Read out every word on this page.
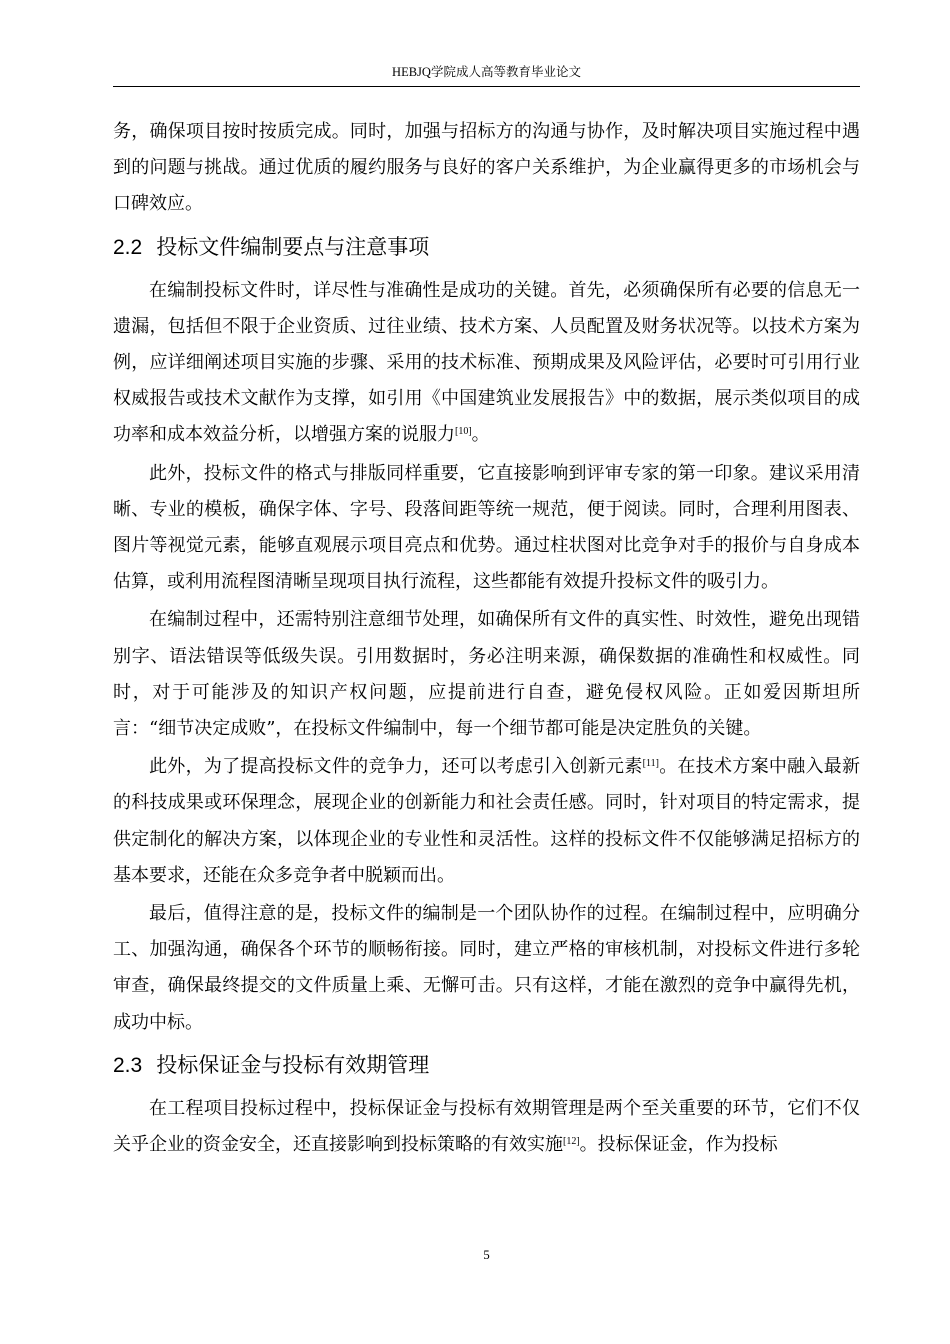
HEBJQ学院成人高等教育毕业论文

务，确保项目按时按质完成。同时，加强与招标方的沟通与协作，及时解决项目实施过程中遇到的问题与挑战。通过优质的履约服务与良好的客户关系维护，为企业赢得更多的市场机会与口碑效应。

2.2 投标文件编制要点与注意事项

在编制投标文件时，详尽性与准确性是成功的关键。首先，必须确保所有必要的信息无一遗漏，包括但不限于企业资质、过往业绩、技术方案、人员配置及财务状况等。以技术方案为例，应详细阐述项目实施的步骤、采用的技术标准、预期成果及风险评估，必要时可引用行业权威报告或技术文献作为支撑，如引用《中国建筑业发展报告》中的数据，展示类似项目的成功率和成本效益分析，以增强方案的说服力[10]。

此外，投标文件的格式与排版同样重要，它直接影响到评审专家的第一印象。建议采用清晰、专业的模板，确保字体、字号、段落间距等统一规范，便于阅读。同时，合理利用图表、图片等视觉元素，能够直观展示项目亮点和优势。通过柱状图对比竞争对手的报价与自身成本估算，或利用流程图清晰呈现项目执行流程，这些都能有效提升投标文件的吸引力。

在编制过程中，还需特别注意细节处理，如确保所有文件的真实性、时效性，避免出现错别字、语法错误等低级失误。引用数据时，务必注明来源，确保数据的准确性和权威性。同时，对于可能涉及的知识产权问题，应提前进行自查，避免侵权风险。正如爱因斯坦所言：“细节决定成败”，在投标文件编制中，每一个细节都可能是决定胜负的关键。

此外，为了提高投标文件的竞争力，还可以考虑引入创新元素[11]。在技术方案中融入最新的科技成果或环保理念，展现企业的创新能力和社会责任感。同时，针对项目的特定需求，提供定制化的解决方案，以体现企业的专业性和灵活性。这样的投标文件不仅能够满足招标方的基本要求，还能在众多竞争者中脱颖而出。

最后，值得注意的是，投标文件的编制是一个团队协作的过程。在编制过程中，应明确分工、加强沟通，确保各个环节的顺畅衔接。同时，建立严格的审核机制，对投标文件进行多轮审查，确保最终提交的文件质量上乘、无懈可击。只有这样，才能在激烈的竞争中赢得先机，成功中标。

2.3 投标保证金与投标有效期管理

在工程项目投标过程中，投标保证金与投标有效期管理是两个至关重要的环节，它们不仅关乎企业的资金安全，还直接影响到投标策略的有效实施[12]。投标保证金，作为投标

5
